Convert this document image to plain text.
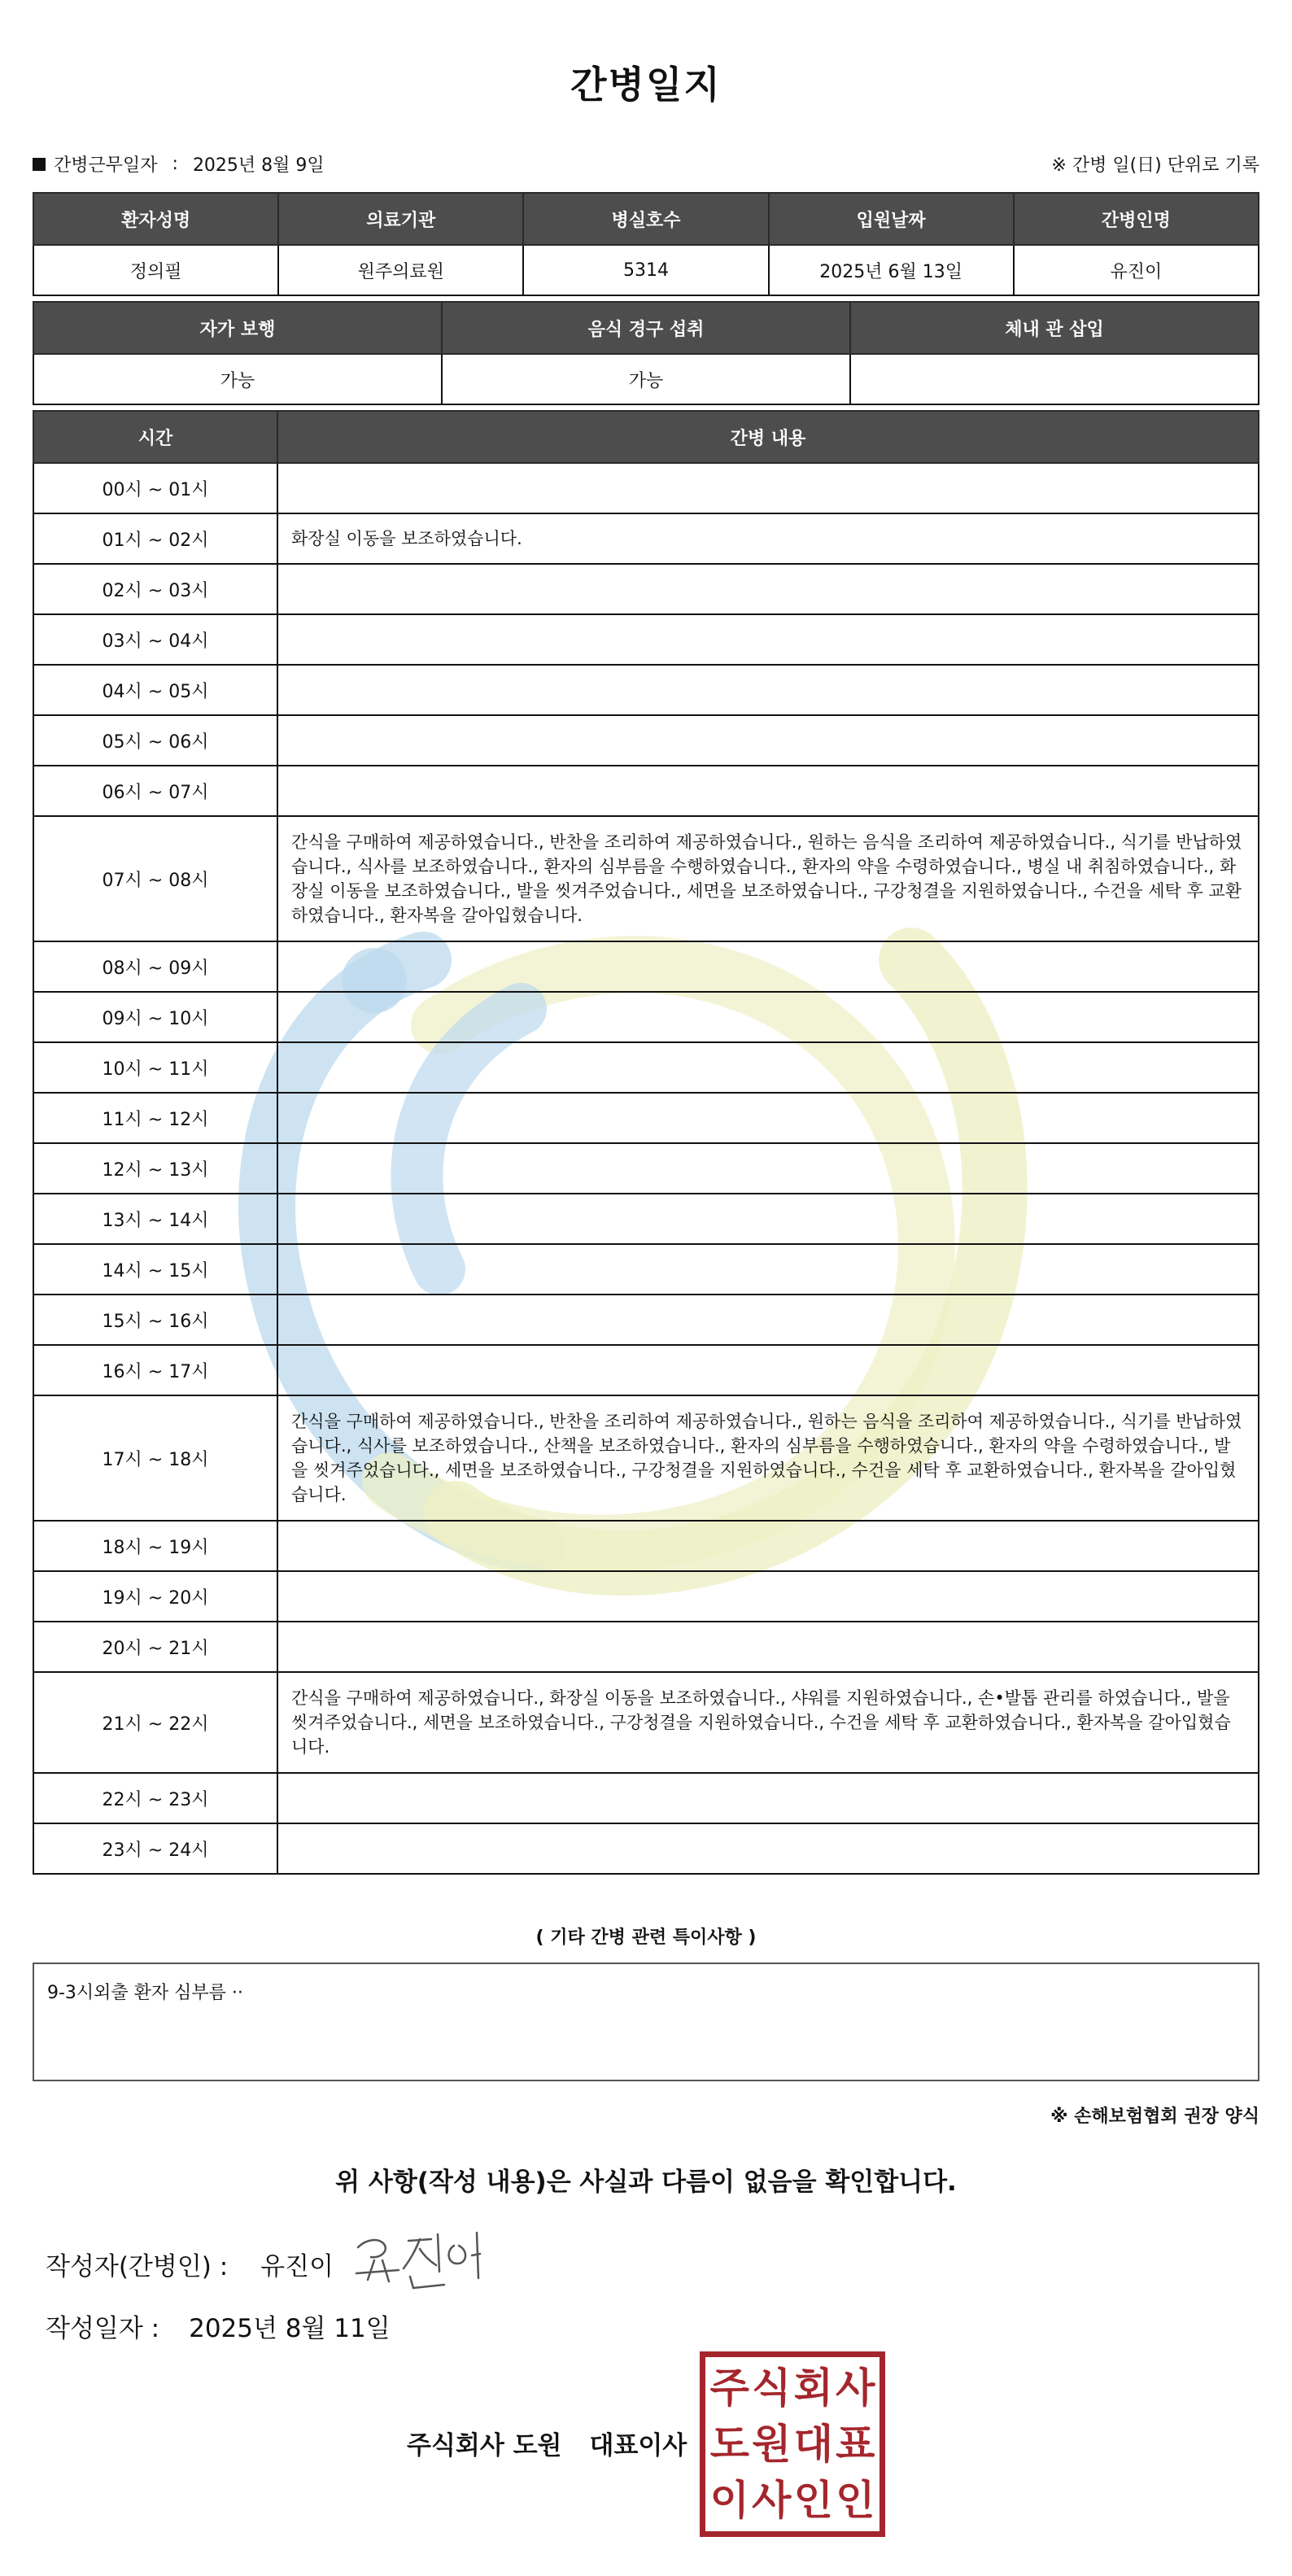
간병일지
간병근무일자 : 2025년 8월 9일	※ 간병 일(日) 단위로 기록
환자성명	의료기관	병실호수	입원날짜	간병인명
정의필	원주의료원	5314	2025년 6월 13일	유진이
자가 보행	음식 경구 섭취	체내 관 삽입
가능	가능	
시간	간병 내용
00시 ~ 01시	
01시 ~ 02시	화장실 이동을 보조하였습니다.
02시 ~ 03시	
03시 ~ 04시	
04시 ~ 05시	
05시 ~ 06시	
06시 ~ 07시	
07시 ~ 08시	간식을 구매하여 제공하였습니다., 반찬을 조리하여 제공하였습니다., 원하는 음식을 조리하여 제공하였습니다., 식기를 반납하였습니다., 식사를 보조하였습니다., 환자의 심부름을 수행하였습니다., 환자의 약을 수령하였습니다., 병실 내 취침하였습니다., 화장실 이동을 보조하였습니다., 발을 씻겨주었습니다., 세면을 보조하였습니다., 구강청결을 지원하였습니다., 수건을 세탁 후 교환하였습니다., 환자복을 갈아입혔습니다.
08시 ~ 09시	
09시 ~ 10시	
10시 ~ 11시	
11시 ~ 12시	
12시 ~ 13시	
13시 ~ 14시	
14시 ~ 15시	
15시 ~ 16시	
16시 ~ 17시	
17시 ~ 18시	간식을 구매하여 제공하였습니다., 반찬을 조리하여 제공하였습니다., 원하는 음식을 조리하여 제공하였습니다., 식기를 반납하였습니다., 식사를 보조하였습니다., 산책을 보조하였습니다., 환자의 심부름을 수행하였습니다., 환자의 약을 수령하였습니다., 발을 씻겨주었습니다., 세면을 보조하였습니다., 구강청결을 지원하였습니다., 수건을 세탁 후 교환하였습니다., 환자복을 갈아입혔습니다.
18시 ~ 19시	
19시 ~ 20시	
20시 ~ 21시	
21시 ~ 22시	간식을 구매하여 제공하였습니다., 화장실 이동을 보조하였습니다., 샤워를 지원하였습니다., 손•발톱 관리를 하였습니다., 발을 씻겨주었습니다., 세면을 보조하였습니다., 구강청결을 지원하였습니다., 수건을 세탁 후 교환하였습니다., 환자복을 갈아입혔습니다.
22시 ~ 23시	
23시 ~ 24시	
( 기타 간병 관련 특이사항 )
9-3시외출 환자 심부름 ··
※ 손해보험협회 권장 양식
위 사항(작성 내용)은 사실과 다름이 없음을 확인합니다.
작성자(간병인) : 유진이
작성일자 : 2025년 8월 11일
주식회사 도원 대표이사
주 식 회 사
도 원 대 표
이 사 인 인
